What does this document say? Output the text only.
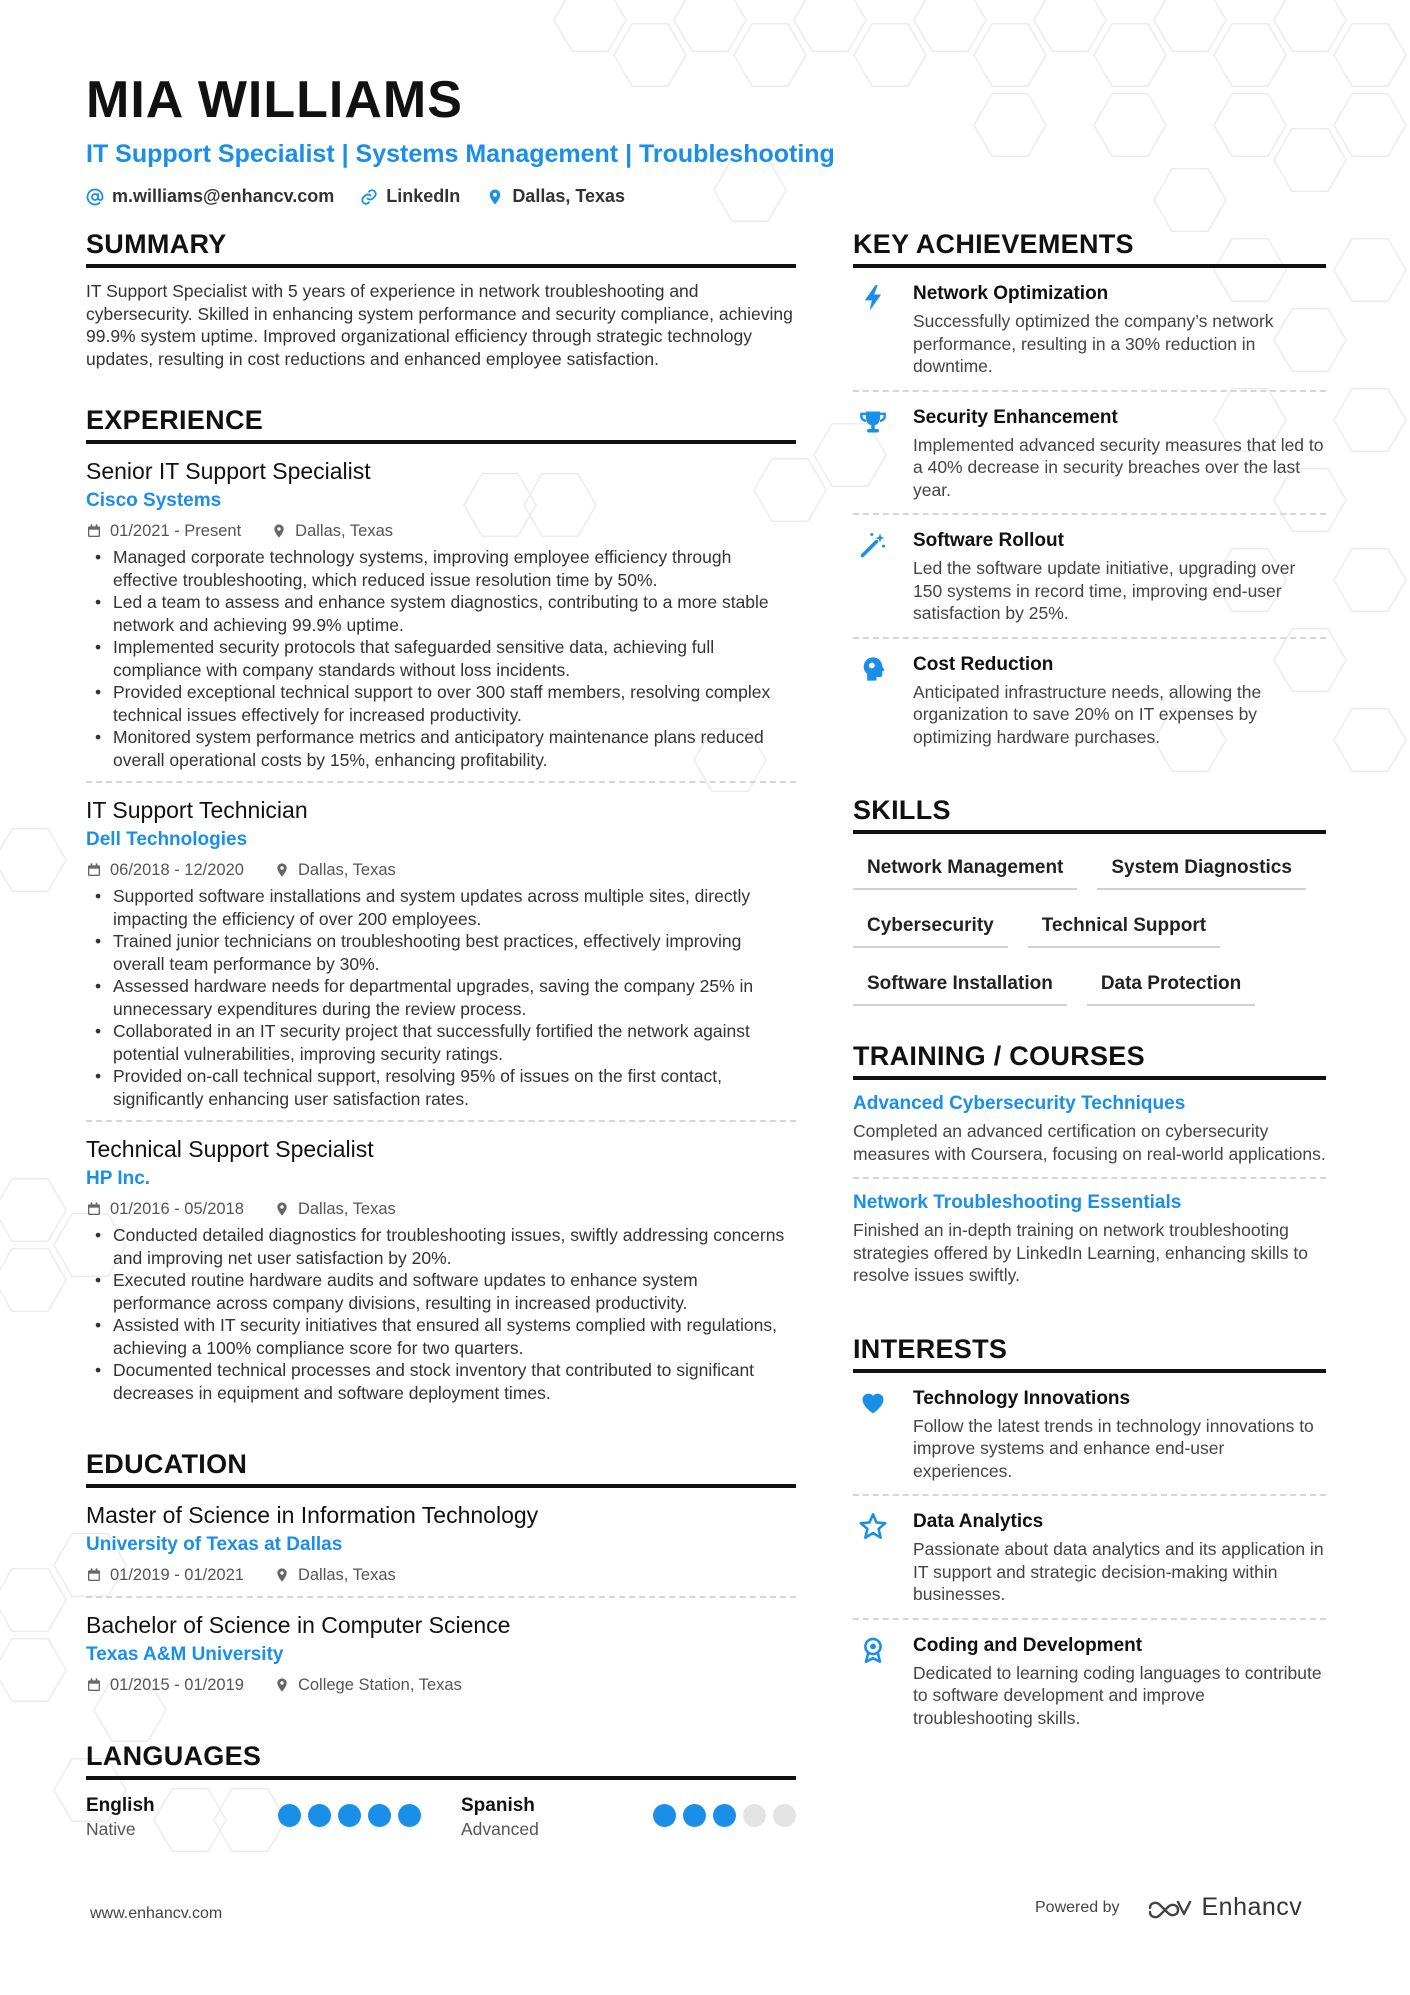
MIA WILLIAMS
IT Support Specialist | Systems Management | Troubleshooting
m.williams@enhancv.com	LinkedIn	Dallas, Texas
SUMMARY
IT Support Specialist with 5 years of experience in network troubleshooting and cybersecurity. Skilled in enhancing system performance and security compliance, achieving 99.9% system uptime. Improved organizational efficiency through strategic technology updates, resulting in cost reductions and enhanced employee satisfaction.
EXPERIENCE
Senior IT Support Specialist
Cisco Systems
01/2021 - Present	Dallas, Texas
• Managed corporate technology systems, improving employee efficiency through effective troubleshooting, which reduced issue resolution time by 50%.
• Led a team to assess and enhance system diagnostics, contributing to a more stable network and achieving 99.9% uptime.
• Implemented security protocols that safeguarded sensitive data, achieving full compliance with company standards without loss incidents.
• Provided exceptional technical support to over 300 staff members, resolving complex technical issues effectively for increased productivity.
• Monitored system performance metrics and anticipatory maintenance plans reduced overall operational costs by 15%, enhancing profitability.
IT Support Technician
Dell Technologies
06/2018 - 12/2020	Dallas, Texas
• Supported software installations and system updates across multiple sites, directly impacting the efficiency of over 200 employees.
• Trained junior technicians on troubleshooting best practices, effectively improving overall team performance by 30%.
• Assessed hardware needs for departmental upgrades, saving the company 25% in unnecessary expenditures during the review process.
• Collaborated in an IT security project that successfully fortified the network against potential vulnerabilities, improving security ratings.
• Provided on-call technical support, resolving 95% of issues on the first contact, significantly enhancing user satisfaction rates.
Technical Support Specialist
HP Inc.
01/2016 - 05/2018	Dallas, Texas
• Conducted detailed diagnostics for troubleshooting issues, swiftly addressing concerns and improving net user satisfaction by 20%.
• Executed routine hardware audits and software updates to enhance system performance across company divisions, resulting in increased productivity.
• Assisted with IT security initiatives that ensured all systems complied with regulations, achieving a 100% compliance score for two quarters.
• Documented technical processes and stock inventory that contributed to significant decreases in equipment and software deployment times.
EDUCATION
Master of Science in Information Technology
University of Texas at Dallas
01/2019 - 01/2021	Dallas, Texas
Bachelor of Science in Computer Science
Texas A&M University
01/2015 - 01/2019	College Station, Texas
LANGUAGES
English
Native
Spanish
Advanced
KEY ACHIEVEMENTS
Network Optimization
Successfully optimized the company’s network performance, resulting in a 30% reduction in downtime.
Security Enhancement
Implemented advanced security measures that led to a 40% decrease in security breaches over the last year.
Software Rollout
Led the software update initiative, upgrading over 150 systems in record time, improving end-user satisfaction by 25%.
Cost Reduction
Anticipated infrastructure needs, allowing the organization to save 20% on IT expenses by optimizing hardware purchases.
SKILLS
Network Management	System Diagnostics
Cybersecurity	Technical Support
Software Installation	Data Protection
TRAINING / COURSES
Advanced Cybersecurity Techniques
Completed an advanced certification on cybersecurity measures with Coursera, focusing on real-world applications.
Network Troubleshooting Essentials
Finished an in-depth training on network troubleshooting strategies offered by LinkedIn Learning, enhancing skills to resolve issues swiftly.
INTERESTS
Technology Innovations
Follow the latest trends in technology innovations to improve systems and enhance end-user experiences.
Data Analytics
Passionate about data analytics and its application in IT support and strategic decision-making within businesses.
Coding and Development
Dedicated to learning coding languages to contribute to software development and improve troubleshooting skills.
www.enhancv.com	Powered by	Enhancv
